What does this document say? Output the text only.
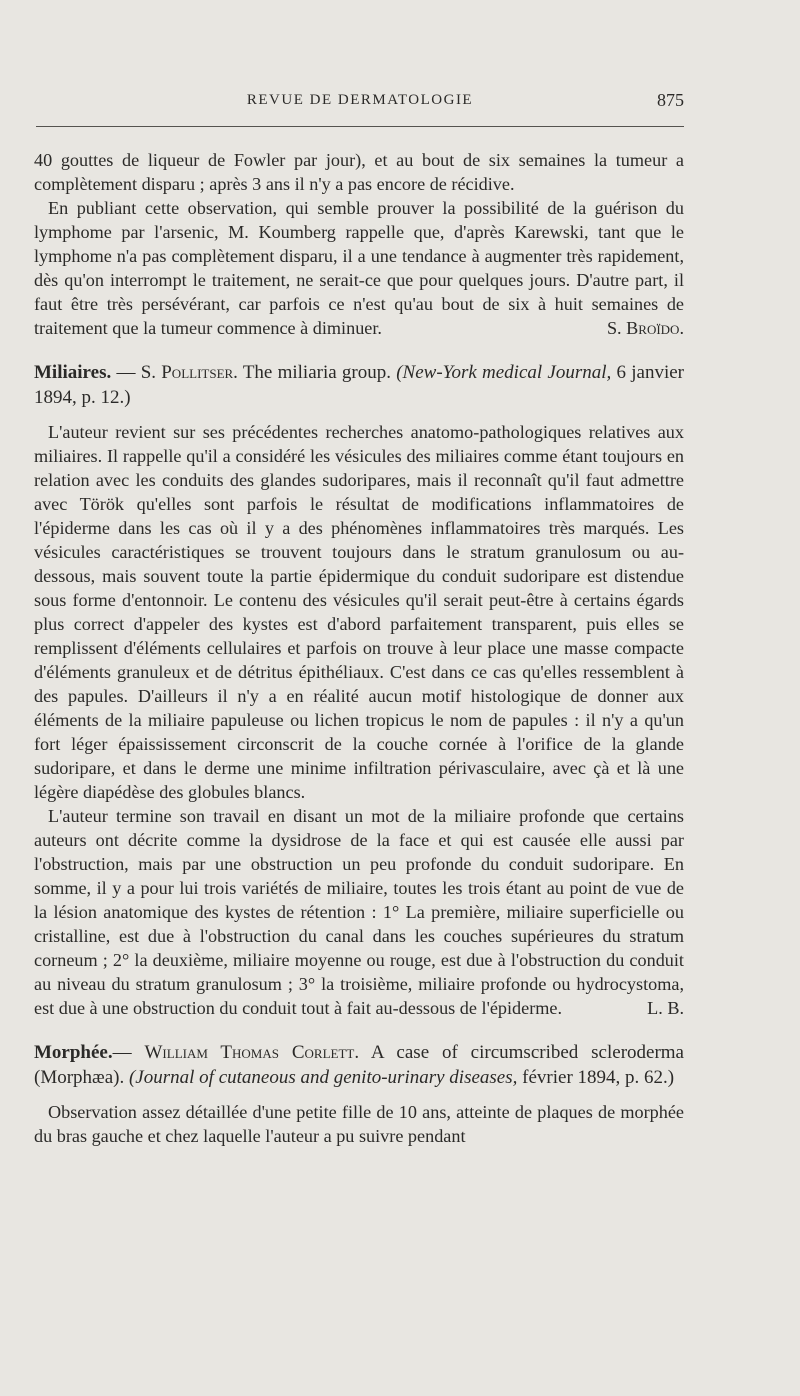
REVUE DE DERMATOLOGIE	875

40 gouttes de liqueur de Fowler par jour), et au bout de six semaines la tumeur a complètement disparu ; après 3 ans il n'y a pas encore de récidive.

En publiant cette observation, qui semble prouver la possibilité de la guérison du lymphome par l'arsenic, M. Koumberg rappelle que, d'après Karewski, tant que le lymphome n'a pas complètement disparu, il a une tendance à augmenter très rapidement, dès qu'on interrompt le traitement, ne serait-ce que pour quelques jours. D'autre part, il faut être très persévérant, car parfois ce n'est qu'au bout de six à huit semaines de traitement que la tumeur commence à diminuer.	S. Broïdo.

Miliaires. — S. Pollitser. The miliaria group. (New-York medical Journal, 6 janvier 1894, p. 12.)

L'auteur revient sur ses précédentes recherches anatomo-pathologiques relatives aux miliaires. Il rappelle qu'il a considéré les vésicules des miliaires comme étant toujours en relation avec les conduits des glandes sudoripares, mais il reconnaît qu'il faut admettre avec Török qu'elles sont parfois le résultat de modifications inflammatoires de l'épiderme dans les cas où il y a des phénomènes inflammatoires très marqués. Les vésicules caractéristiques se trouvent toujours dans le stratum granulosum ou au-dessous, mais souvent toute la partie épidermique du conduit sudoripare est distendue sous forme d'entonnoir. Le contenu des vésicules qu'il serait peut-être à certains égards plus correct d'appeler des kystes est d'abord parfaitement transparent, puis elles se remplissent d'éléments cellulaires et parfois on trouve à leur place une masse compacte d'éléments granuleux et de détritus épithéliaux. C'est dans ce cas qu'elles ressemblent à des papules. D'ailleurs il n'y a en réalité aucun motif histologique de donner aux éléments de la miliaire papuleuse ou lichen tropicus le nom de papules : il n'y a qu'un fort léger épaississement circonscrit de la couche cornée à l'orifice de la glande sudoripare, et dans le derme une minime infiltration périvasculaire, avec çà et là une légère diapédèse des globules blancs.

L'auteur termine son travail en disant un mot de la miliaire profonde que certains auteurs ont décrite comme la dysidrose de la face et qui est causée elle aussi par l'obstruction, mais par une obstruction un peu profonde du conduit sudoripare. En somme, il y a pour lui trois variétés de miliaire, toutes les trois étant au point de vue de la lésion anatomique des kystes de rétention : 1° La première, miliaire superficielle ou cristalline, est due à l'obstruction du canal dans les couches supérieures du stratum corneum ; 2° la deuxième, miliaire moyenne ou rouge, est due à l'obstruction du conduit au niveau du stratum granulosum ; 3° la troisième, miliaire profonde ou hydrocystoma, est due à une obstruction du conduit tout à fait au-dessous de l'épiderme.	L. B.

Morphée.— William Thomas Corlett. A case of circumscribed scleroderma (Morphæa). (Journal of cutaneous and genito-urinary diseases, février 1894, p. 62.)

Observation assez détaillée d'une petite fille de 10 ans, atteinte de plaques de morphée du bras gauche et chez laquelle l'auteur a pu suivre pendant
